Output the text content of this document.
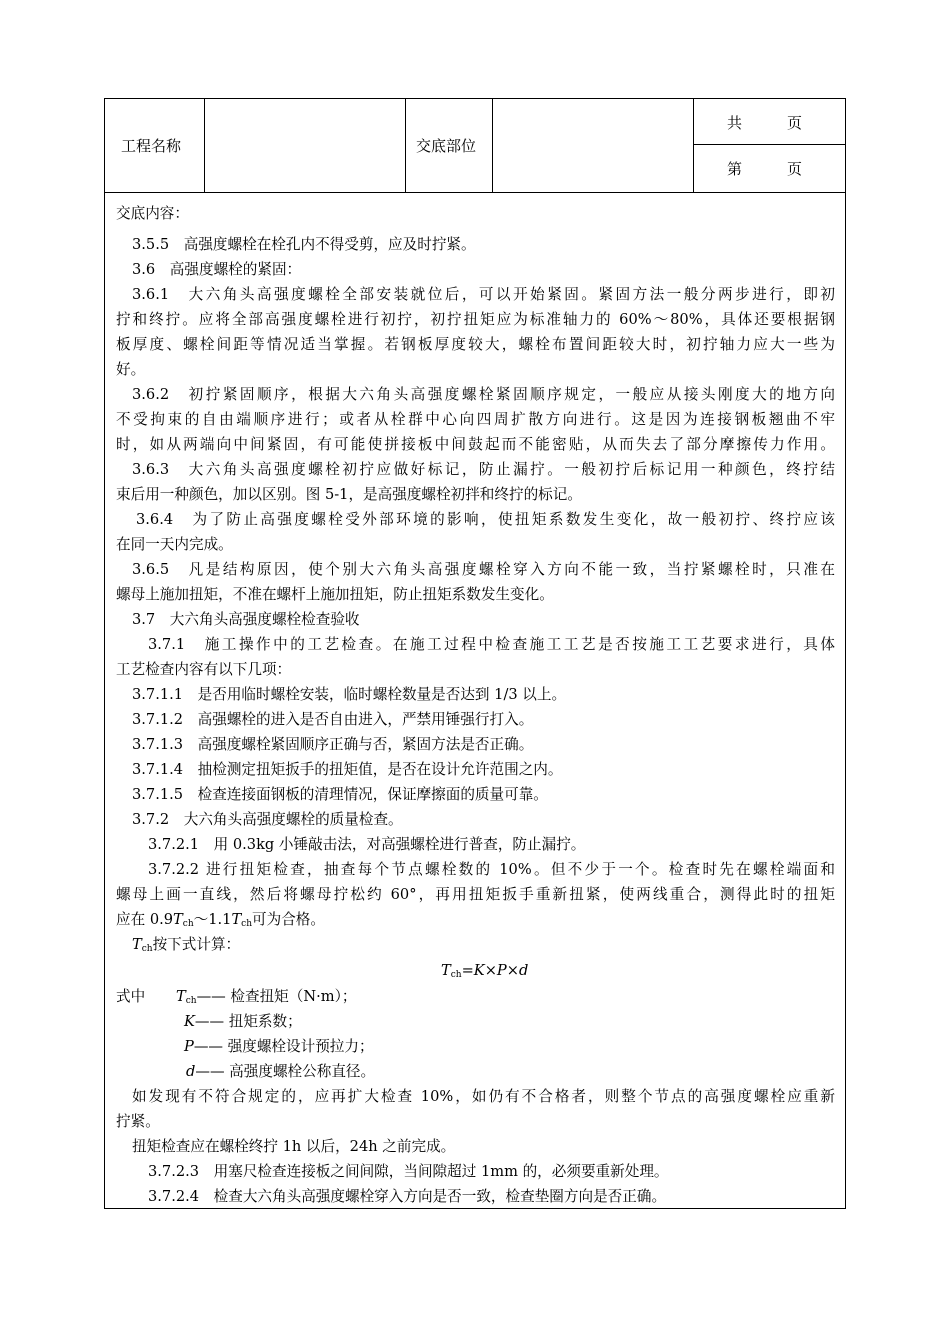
工程名称	交底部位
共　　　页
第　　　页
交底内容：
3.5.5　高强度螺栓在栓孔内不得受剪，应及时拧紧。
3.6　高强度螺栓的紧固：
3.6.1　大六角头高强度螺栓全部安装就位后，可以开始紧固。紧固方法一般分两步进行，即初
拧和终拧。应将全部高强度螺栓进行初拧，初拧扭矩应为标准轴力的 60%～80%，具体还要根据钢
板厚度、螺栓间距等情况适当掌握。若钢板厚度较大，螺栓布置间距较大时，初拧轴力应大一些为
好。
3.6.2　初拧紧固顺序，根据大六角头高强度螺栓紧固顺序规定，一般应从接头刚度大的地方向
不受拘束的自由端顺序进行；或者从栓群中心向四周扩散方向进行。这是因为连接钢板翘曲不牢
时，如从两端向中间紧固，有可能使拼接板中间鼓起而不能密贴，从而失去了部分摩擦传力作用。
3.6.3　大六角头高强度螺栓初拧应做好标记，防止漏拧。一般初拧后标记用一种颜色，终拧结
束后用一种颜色，加以区别。图 5-1，是高强度螺栓初拌和终拧的标记。
3.6.4　为了防止高强度螺栓受外部环境的影响，使扭矩系数发生变化，故一般初拧、终拧应该
在同一天内完成。
3.6.5　凡是结构原因，使个别大六角头高强度螺栓穿入方向不能一致，当拧紧螺栓时，只准在
螺母上施加扭矩，不准在螺杆上施加扭矩，防止扭矩系数发生变化。
3.7　大六角头高强度螺栓检查验收
3.7.1　施工操作中的工艺检查。在施工过程中检查施工工艺是否按施工工艺要求进行，具体
工艺检查内容有以下几项：
3.7.1.1　是否用临时螺栓安装，临时螺栓数量是否达到 1/3 以上。
3.7.1.2　高强螺栓的进入是否自由进入，严禁用锤强行打入。
3.7.1.3　高强度螺栓紧固顺序正确与否，紧固方法是否正确。
3.7.1.4　抽检测定扭矩扳手的扭矩值，是否在设计允许范围之内。
3.7.1.5　检查连接面钢板的清理情况，保证摩擦面的质量可靠。
3.7.2　大六角头高强度螺栓的质量检查。
3.7.2.1　用 0.3kg 小锤敲击法，对高强螺栓进行普查，防止漏拧。
3.7.2.2 进行扭矩检查，抽查每个节点螺栓数的 10%。但不少于一个。检查时先在螺栓端面和
螺母上画一直线，然后将螺母拧松约 60°，再用扭矩扳手重新扭紧，使两线重合，测得此时的扭矩
应在 $0.9T_{ch}\sim 1.1T_{ch}$可为合格。
$T_{ch}$按下式计算：
$T_{ch}=K\times P\times d$
式中	$T_{ch}——$ 检查扭矩（N·m）；
K—— 扭矩系数；
P—— 强度螺栓设计预拉力；
d—— 高强度螺栓公称直径。
如发现有不符合规定的，应再扩大检查 10%，如仍有不合格者，则整个节点的高强度螺栓应重新
拧紧。
扭矩检查应在螺栓终拧 1h 以后，24h 之前完成。
3.7.2.3　用塞尺检查连接板之间间隙，当间隙超过 1mm 的，必须要重新处理。
3.7.2.4　检查大六角头高强度螺栓穿入方向是否一致，检查垫圈方向是否正确。
